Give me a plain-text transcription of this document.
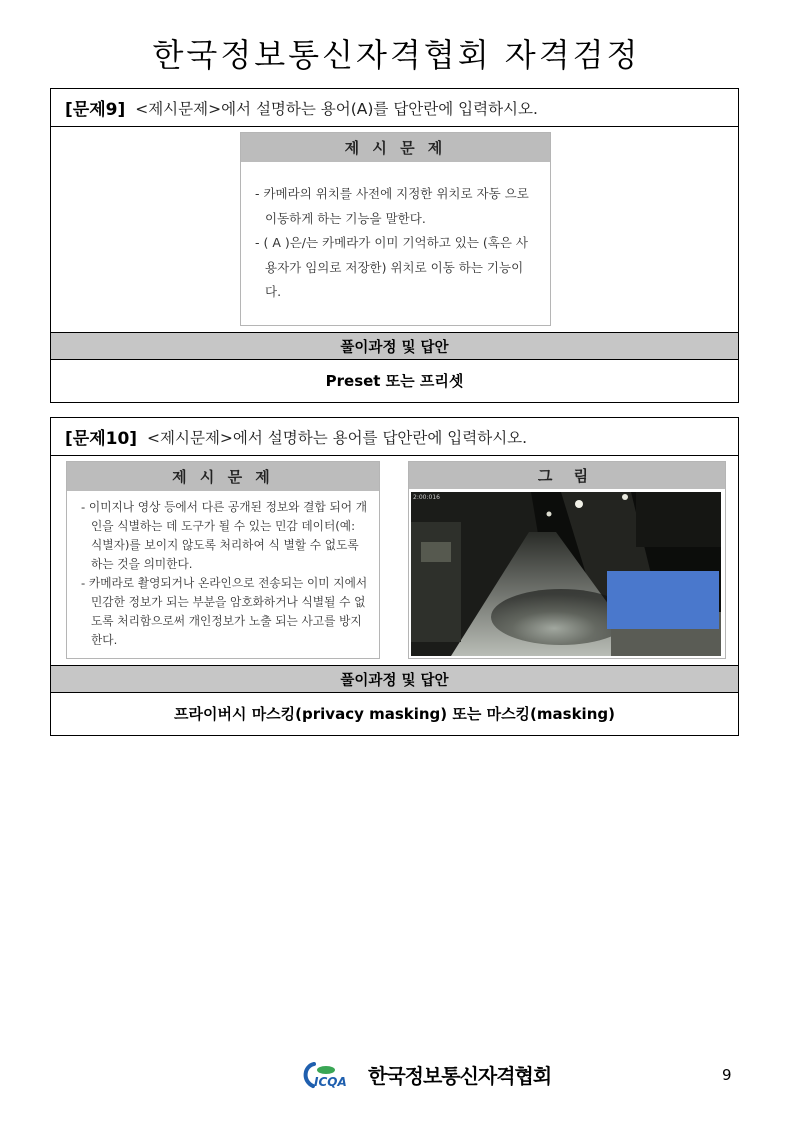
한국정보통신자격협회 자격검정
[문제9] <제시문제>에서 설명하는 용어(A)를 답안란에 입력하시오.
제 시 문 제
- 카메라의 위치를 사전에 지정한 위치로 자동 으로 이동하게 하는 기능을 말한다.
- ( A )은/는 카메라가 이미 기억하고 있는 (혹은 사용자가 임의로 저장한) 위치로 이동 하는 기능이다.
풀이과정 및 답안
Preset 또는 프리셋
[문제10] <제시문제>에서 설명하는 용어를 답안란에 입력하시오.
제 시 문 제
- 이미지나 영상 등에서 다른 공개된 정보와 결합 되어 개인을 식별하는 데 도구가 될 수 있는 민감 데이터(예: 식별자)를 보이지 않도록 처리하여 식 별할 수 없도록 하는 것을 의미한다.
- 카메라로 촬영되거나 온라인으로 전송되는 이미 지에서 민감한 정보가 되는 부분을 암호화하거나 식별될 수 없도록 처리함으로써 개인정보가 노출 되는 사고를 방지한다.
그 림
2:00:016
풀이과정 및 답안
프라이버시 마스킹(privacy masking) 또는 마스킹(masking)
ICQA 한국정보통신자격협회	9
